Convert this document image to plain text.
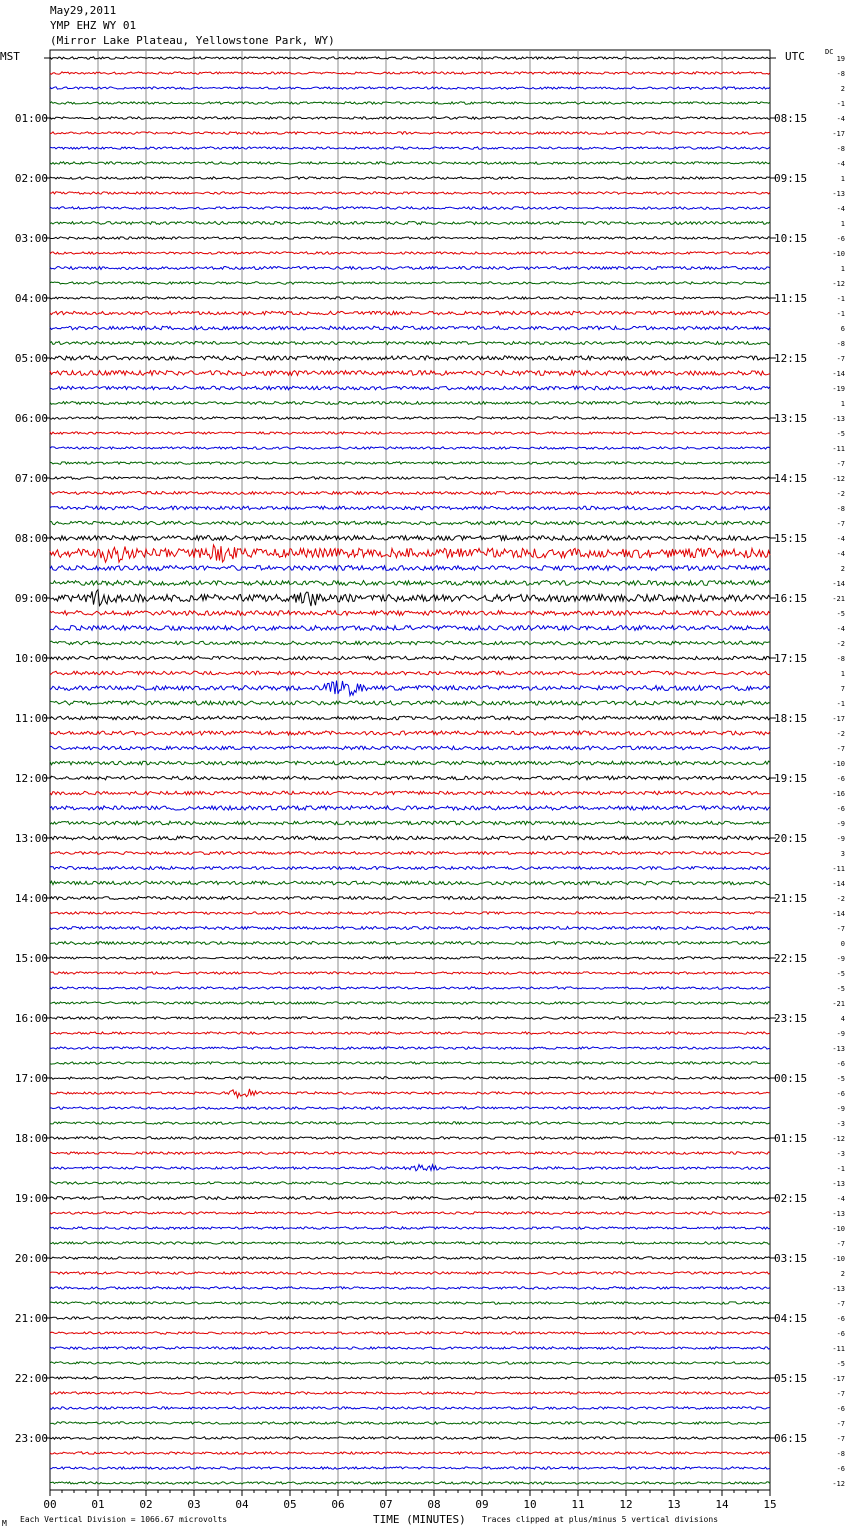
May29,2011
YMP EHZ WY 01
(Mirror Lake Plateau, Yellowstone Park, WY)
MST	UTC	DC
00	01	02	03	04	05	06	07	08	09	10	11	12	13	14	15
19
-8
2
-1
-4
01:00	08:15
-17
-8
-4
1
02:00	09:15
-13
-4
1
-6
03:00	10:15
-10
1
-12
-1
04:00	11:15
-1
6
-8
-7
05:00	12:15
-14
-19
1
-13
06:00	13:15
-5
-11
-7
-12
07:00	14:15
-2
-8
-7
-4
08:00	15:15
-4
2
-14
-21
09:00	16:15
-5
-4
-2
-8
10:00	17:15
1
7
-1
-17
11:00	18:15
-2
-7
-10
-6
12:00	19:15
-16
-6
-9
-9
13:00	20:15
3
-11
-14
-2
14:00	21:15
-14
-7
0
-9
15:00	22:15
-5
-5
-21
4
16:00	23:15
-9
-13
-6
-5
17:00	00:15
-6
-9
-3
-12
18:00	01:15
-3
-1
-13
-4
19:00	02:15
-13
-10
-7
-10
20:00	03:15
2
-13
-7
-6
21:00	04:15
-6
-11
-5
-17
22:00	05:15
-7
-6
-7
-7
23:00	06:15
-8
-6
-12
M Each Vertical Division = 1066.67 microvolts	TIME (MINUTES) Traces clipped at plus/minus 5 vertical divisions
